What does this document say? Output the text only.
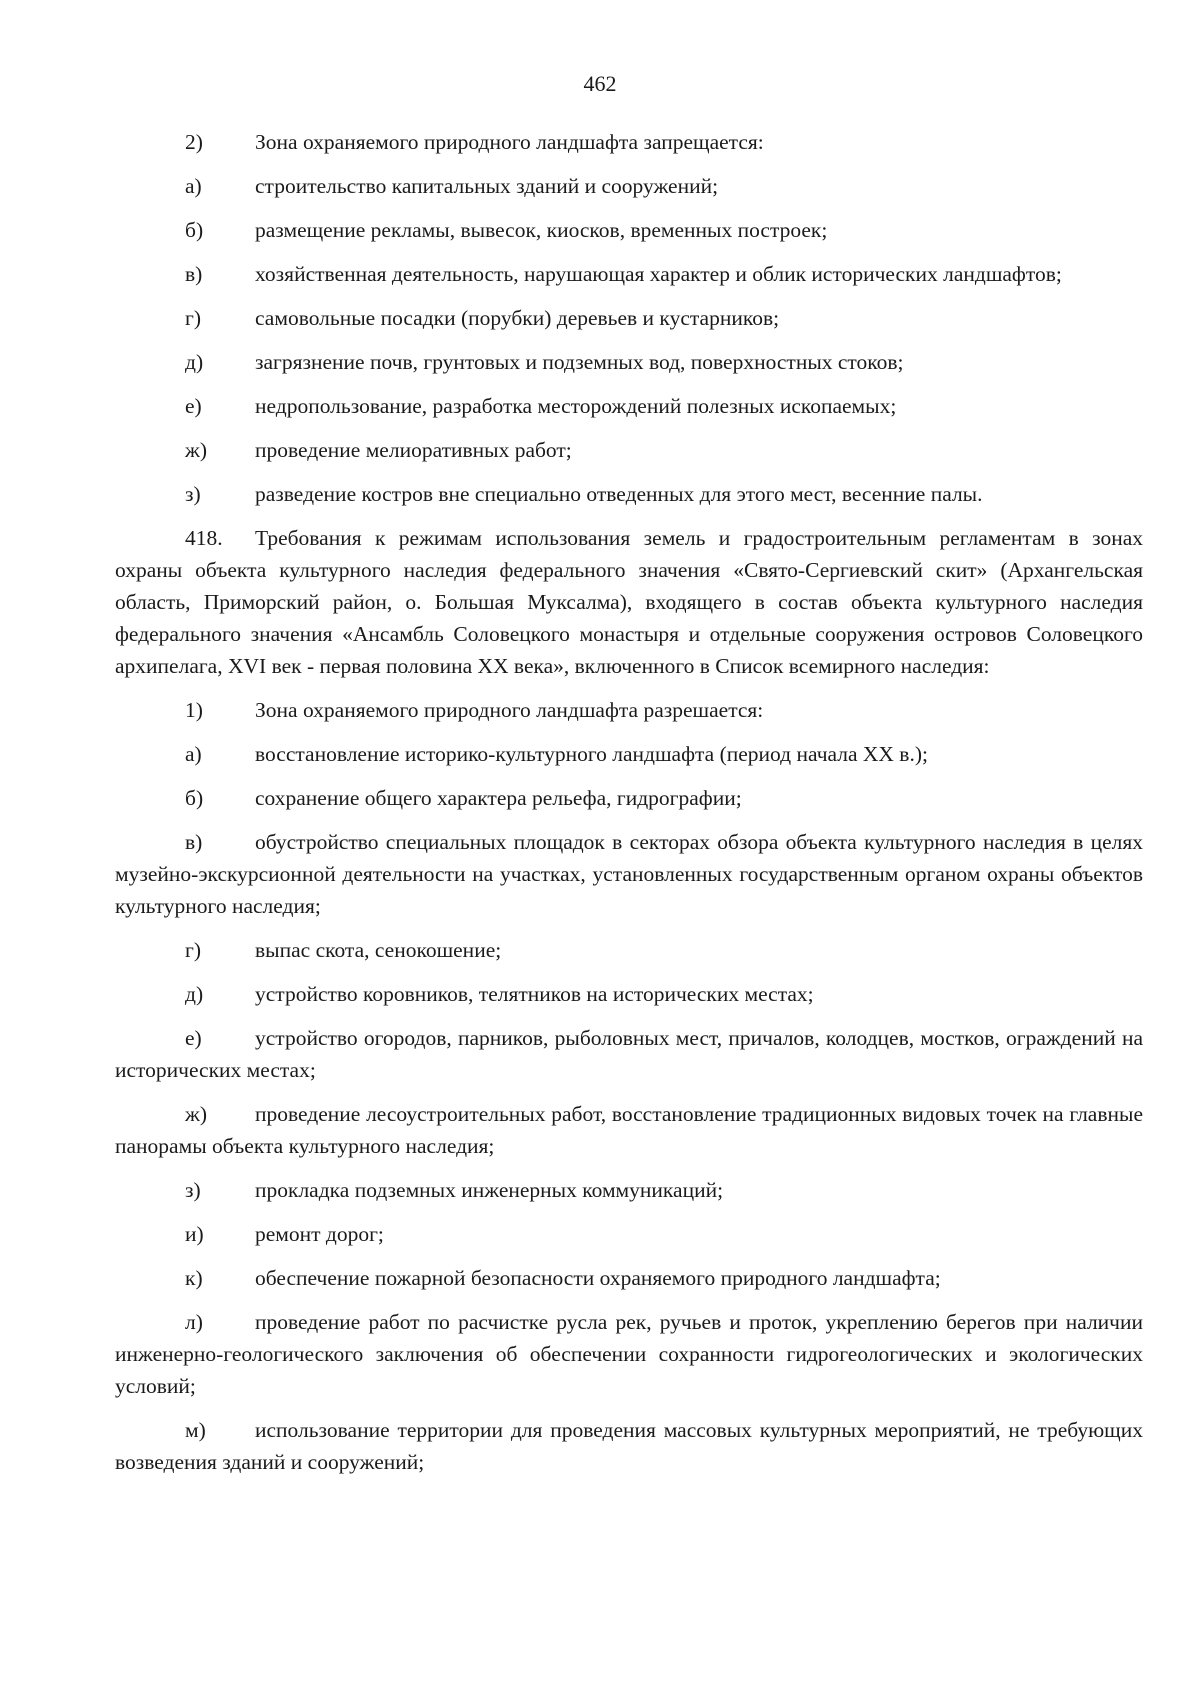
462

2) Зона охраняемого природного ландшафта запрещается:

а) строительство капитальных зданий и сооружений;

б) размещение рекламы, вывесок, киосков, временных построек;

в) хозяйственная деятельность, нарушающая характер и облик исторических ландшафтов;

г)	самовольные посадки (порубки) деревьев и кустарников;

д) загрязнение почв, грунтовых и подземных вод, поверхностных стоков;

е) недропользование, разработка месторождений полезных ископаемых;

ж) проведение мелиоративных работ;

з)	разведение костров вне специально отведенных для этого мест, весенние палы.

418. Требования к режимам использования земель и градостроительным регламентам в зонах охраны объекта культурного наследия федерального значения «Свято-Сергиевский скит» (Архангельская область, Приморский район, о. Большая Муксалма), входящего в состав объекта культурного наследия федерального значения «Ансамбль Соловецкого монастыря и отдельные сооружения островов Соловецкого архипелага, XVI век - первая половина XX века», включенного в Список всемирного наследия:

1) Зона охраняемого природного ландшафта разрешается:

а) восстановление историко-культурного ландшафта (период начала XX в.);

б) сохранение общего характера рельефа, гидрографии;

в) обустройство специальных площадок в секторах обзора объекта культурного наследия в целях музейно-экскурсионной деятельности на участках, установленных государственным органом охраны объектов культурного наследия;

г)	выпас скота, сенокошение;

д) устройство коровников, телятников на исторических местах;

е) устройство огородов, парников, рыболовных мест, причалов, колодцев, мостков, ограждений на исторических местах;

ж) проведение лесоустроительных работ, восстановление традиционных видовых точек на главные панорамы объекта культурного наследия;

з)	прокладка подземных инженерных коммуникаций;

и) ремонт дорог;

к) обеспечение пожарной безопасности охраняемого природного ландшафта;

л) проведение работ по расчистке русла рек, ручьев и проток, укреплению берегов при наличии инженерно-геологического заключения об обеспечении сохранности гидрогеологических и экологических условий;

м) использование территории для проведения массовых культурных мероприятий, не требующих возведения зданий и сооружений;
